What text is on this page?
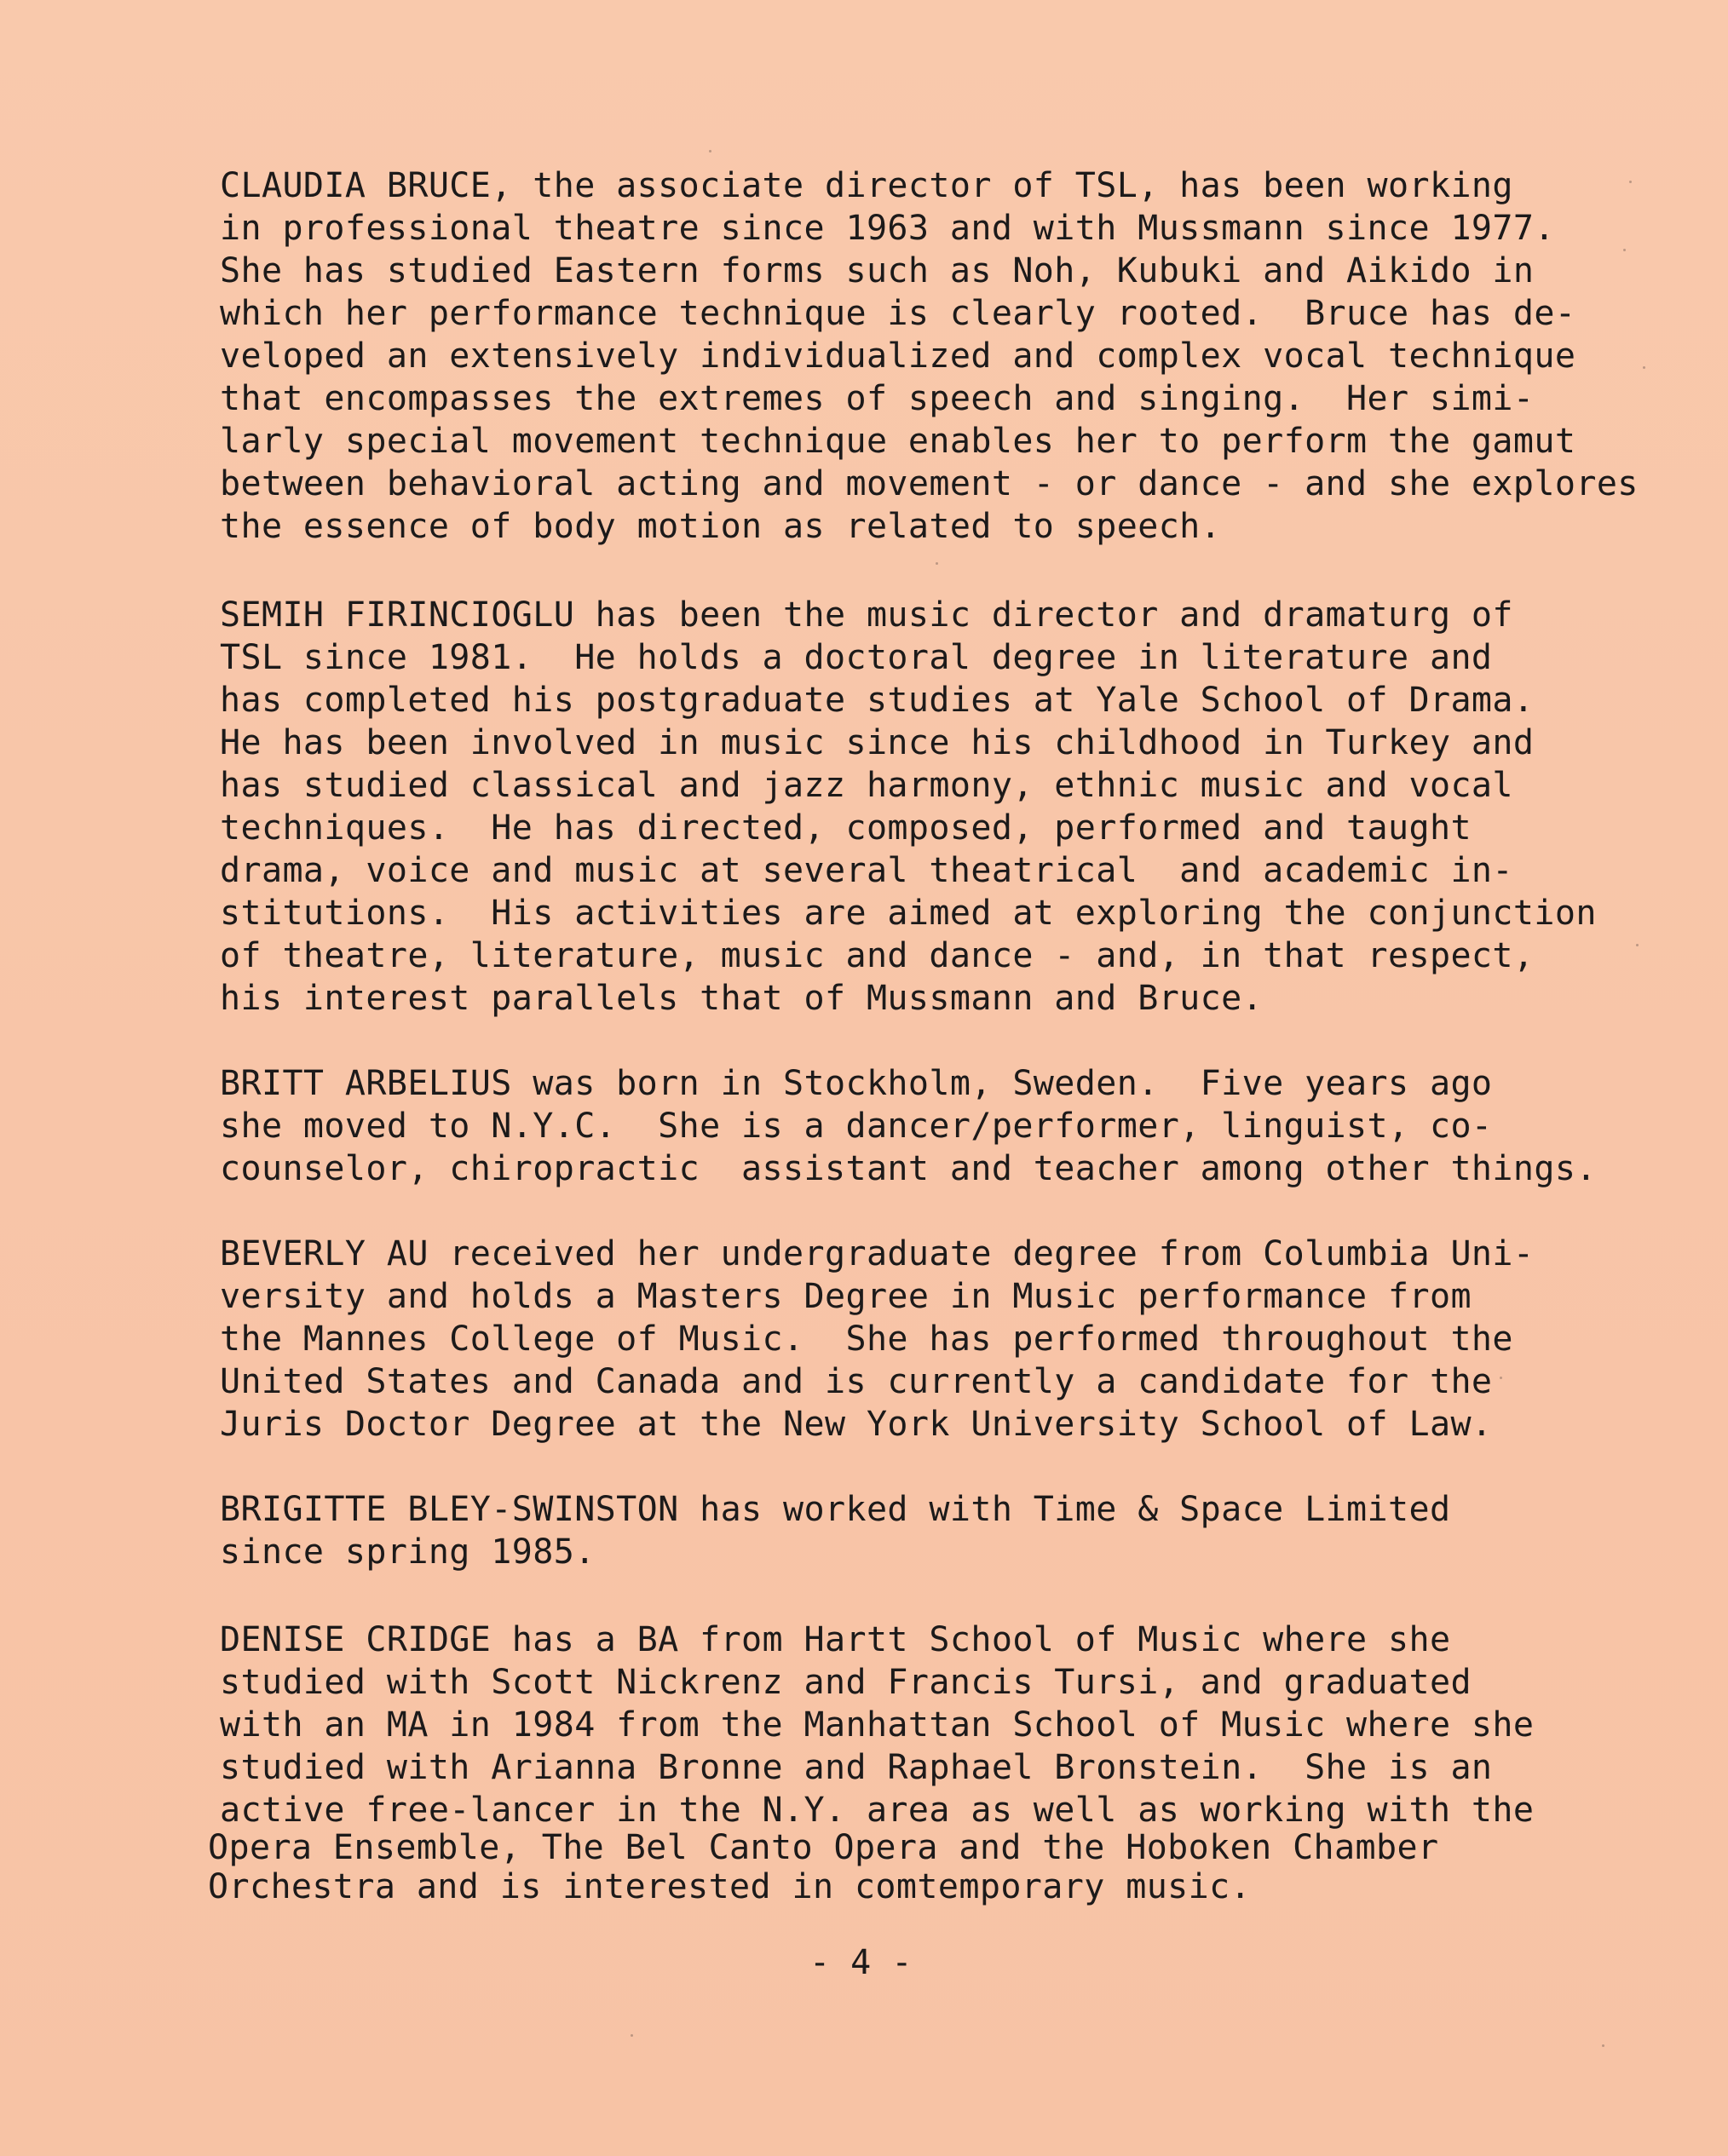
CLAUDIA BRUCE, the associate director of TSL, has been working
in professional theatre since 1963 and with Mussmann since 1977.
She has studied Eastern forms such as Noh, Kubuki and Aikido in
which her performance technique is clearly rooted.  Bruce has de-
veloped an extensively individualized and complex vocal technique
that encompasses the extremes of speech and singing.  Her simi-
larly special movement technique enables her to perform the gamut
between behavioral acting and movement - or dance - and she explores
the essence of body motion as related to speech.
SEMIH FIRINCIOGLU has been the music director and dramaturg of
TSL since 1981.  He holds a doctoral degree in literature and
has completed his postgraduate studies at Yale School of Drama.
He has been involved in music since his childhood in Turkey and
has studied classical and jazz harmony, ethnic music and vocal
techniques.  He has directed, composed, performed and taught
drama, voice and music at several theatrical  and academic in-
stitutions.  His activities are aimed at exploring the conjunction
of theatre, literature, music and dance - and, in that respect,
his interest parallels that of Mussmann and Bruce.
BRITT ARBELIUS was born in Stockholm, Sweden.  Five years ago
she moved to N.Y.C.  She is a dancer/performer, linguist, co-
counselor, chiropractic  assistant and teacher among other things.
BEVERLY AU received her undergraduate degree from Columbia Uni-
versity and holds a Masters Degree in Music performance from
the Mannes College of Music.  She has performed throughout the
United States and Canada and is currently a candidate for the
Juris Doctor Degree at the New York University School of Law.
BRIGITTE BLEY-SWINSTON has worked with Time & Space Limited
since spring 1985.
DENISE CRIDGE has a BA from Hartt School of Music where she
studied with Scott Nickrenz and Francis Tursi, and graduated
with an MA in 1984 from the Manhattan School of Music where she
studied with Arianna Bronne and Raphael Bronstein.  She is an
active free-lancer in the N.Y. area as well as working with the
Opera Ensemble, The Bel Canto Opera and the Hoboken Chamber
Orchestra and is interested in comtemporary music.
- 4 -
